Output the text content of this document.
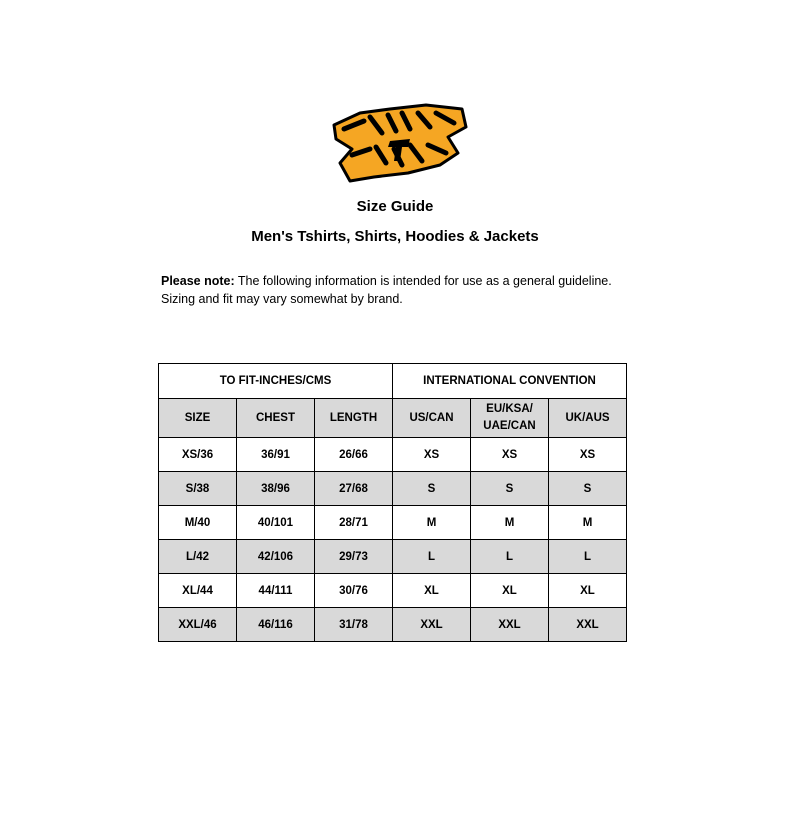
Size Guide
Men's Tshirts, Shirts, Hoodies & Jackets
Please note: The following information is intended for use as a general guideline. Sizing and fit may vary somewhat by brand.
TO FIT-INCHES/CMS			INTERNATIONAL CONVENTION		
SIZE	CHEST	LENGTH	US/CAN	EU/KSA/ UAE/CAN	UK/AUS
XS/36	36/91	26/66	XS	XS	XS
S/38	38/96	27/68	S	S	S
M/40	40/101	28/71	M	M	M
L/42	42/106	29/73	L	L	L
XL/44	44/111	30/76	XL	XL	XL
XXL/46	46/116	31/78	XXL	XXL	XXL
